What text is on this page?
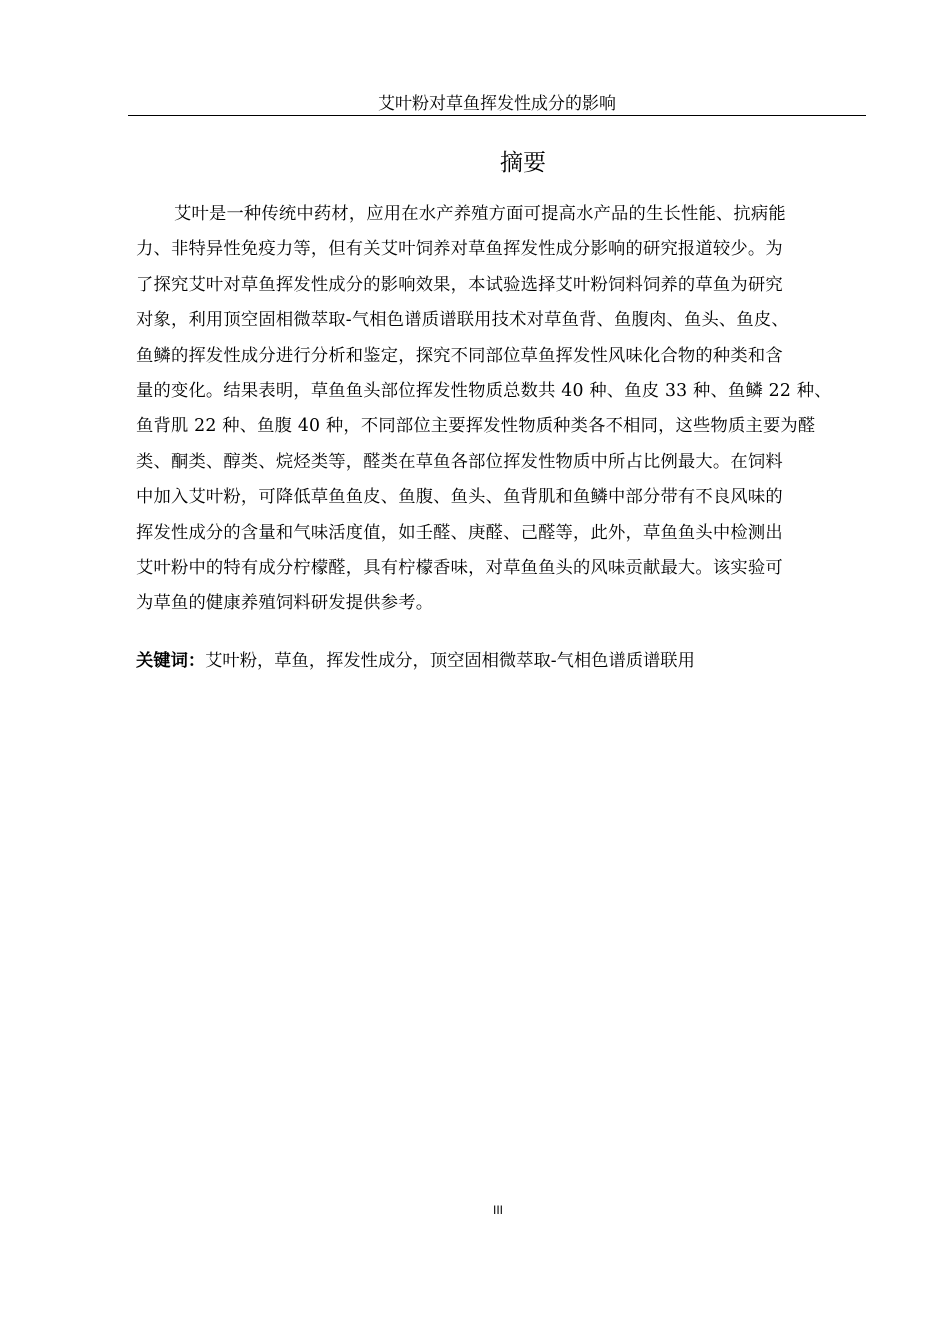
艾叶粉对草鱼挥发性成分的影响
摘要
艾叶是一种传统中药材，应用在水产养殖方面可提高水产品的生长性能、抗病能
力、非特异性免疫力等，但有关艾叶饲养对草鱼挥发性成分影响的研究报道较少。为
了探究艾叶对草鱼挥发性成分的影响效果，本试验选择艾叶粉饲料饲养的草鱼为研究
对象，利用顶空固相微萃取-气相色谱质谱联用技术对草鱼背、鱼腹肉、鱼头、鱼皮、
鱼鳞的挥发性成分进行分析和鉴定，探究不同部位草鱼挥发性风味化合物的种类和含
量的变化。结果表明，草鱼鱼头部位挥发性物质总数共 40 种、鱼皮 33 种、鱼鳞 22 种、
鱼背肌 22 种、鱼腹 40 种，不同部位主要挥发性物质种类各不相同，这些物质主要为醛
类、酮类、醇类、烷烃类等，醛类在草鱼各部位挥发性物质中所占比例最大。在饲料
中加入艾叶粉，可降低草鱼鱼皮、鱼腹、鱼头、鱼背肌和鱼鳞中部分带有不良风味的
挥发性成分的含量和气味活度值，如壬醛、庚醛、己醛等，此外，草鱼鱼头中检测出
艾叶粉中的特有成分柠檬醛，具有柠檬香味，对草鱼鱼头的风味贡献最大。该实验可
为草鱼的健康养殖饲料研发提供参考。
关键词：艾叶粉，草鱼，挥发性成分，顶空固相微萃取-气相色谱质谱联用
III
